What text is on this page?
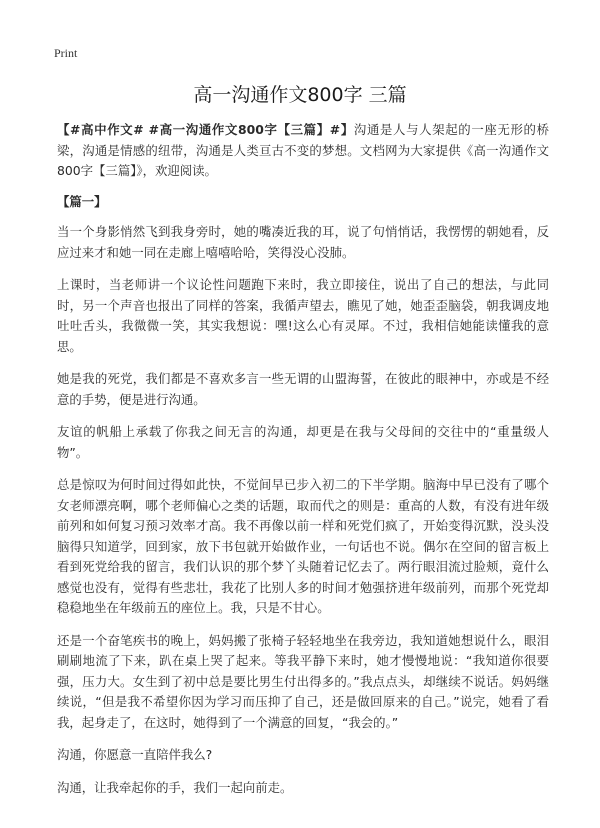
Print
高一沟通作文800字 三篇

【#高中作文# #高一沟通作文800字【三篇】#】沟通是人与人架起的一座无形的桥梁，沟通是情感的纽带，沟通是人类亘古不变的梦想。文档网为大家提供《高一沟通作文800字【三篇】》，欢迎阅读。

【篇一】

当一个身影悄然飞到我身旁时，她的嘴凑近我的耳，说了句悄悄话，我愣愣的朝她看，反应过来才和她一同在走廊上嘻嘻哈哈，笑得没心没肺。

上课时，当老师讲一个议论性问题跑下来时，我立即接住，说出了自己的想法，与此同时，另一个声音也报出了同样的答案，我循声望去，瞧见了她，她歪歪脑袋，朝我调皮地吐吐舌头，我微微一笑，其实我想说：嘿!这么心有灵犀。不过，我相信她能读懂我的意思。

她是我的死党，我们都是不喜欢多言一些无谓的山盟海誓，在彼此的眼神中，亦或是不经意的手势，便是进行沟通。

友谊的帆船上承载了你我之间无言的沟通，却更是在我与父母间的交往中的“重量级人物”。

总是惊叹为何时间过得如此快，不觉间早已步入初二的下半学期。脑海中早已没有了哪个女老师漂亮啊，哪个老师偏心之类的话题，取而代之的则是：重高的人数，有没有进年级前列和如何复习预习效率才高。我不再像以前一样和死党们疯了，开始变得沉默，没头没脑得只知道学，回到家，放下书包就开始做作业，一句话也不说。偶尔在空间的留言板上看到死党给我的留言，我们认识的那个梦丫头随着记忆去了。两行眼泪流过脸颊，竟什么感觉也没有，觉得有些悲壮，我花了比别人多的时间才勉强挤进年级前列，而那个死党却稳稳地坐在年级前五的座位上。我，只是不甘心。

还是一个奋笔疾书的晚上，妈妈搬了张椅子轻轻地坐在我旁边，我知道她想说什么，眼泪刷刷地流了下来，趴在桌上哭了起来。等我平静下来时，她才慢慢地说：“我知道你很要强，压力大。女生到了初中总是要比男生付出得多的。”我点点头，却继续不说话。妈妈继续说，“但是我不希望你因为学习而压抑了自己，还是做回原来的自己。”说完，她看了看我，起身走了，在这时，她得到了一个满意的回复，“我会的。”

沟通，你愿意一直陪伴我么?

沟通，让我牵起你的手，我们一起向前走。
